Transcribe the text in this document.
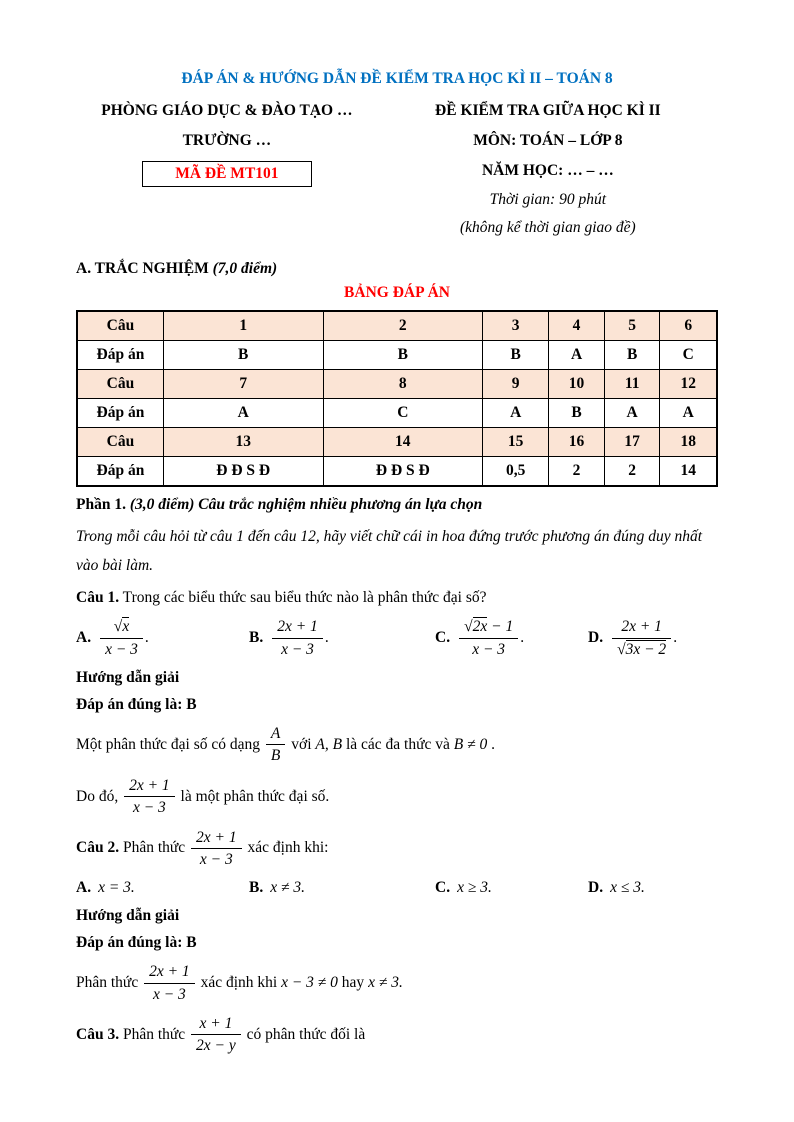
ĐÁP ÁN & HƯỚNG DẪN ĐỀ KIỂM TRA HỌC KÌ II – TOÁN 8
PHÒNG GIÁO DỤC & ĐÀO TẠO …
TRƯỜNG …
MÃ ĐỀ MT101
ĐỀ KIỂM TRA GIỮA HỌC KÌ II
MÔN: TOÁN – LỚP 8
NĂM HỌC: … – …
Thời gian: 90 phút
(không kể thời gian giao đề)
A. TRẮC NGHIỆM (7,0 điểm)
BẢNG ĐÁP ÁN
Câu	1	2	3	4	5	6
Đáp án	B	B	B	A	B	C
Câu	7	8	9	10	11	12
Đáp án	A	C	A	B	A	A
Câu	13	14	15	16	17	18
Đáp án	Đ Đ S Đ	Đ Đ S Đ	0,5	2	2	14
Phần 1. (3,0 điểm) Câu trắc nghiệm nhiều phương án lựa chọn
Trong mỗi câu hỏi từ câu 1 đến câu 12, hãy viết chữ cái in hoa đứng trước phương án đúng duy nhất vào bài làm.
Câu 1. Trong các biểu thức sau biểu thức nào là phân thức đại số?
A. $\frac{√x}{x - 3}$ .	B. $\frac{2x + 1}{x - 3}$ .	C. $\frac{√2x - 1}{x - 3}$ .	D. $\frac{2x + 1}{√3x - 2}$ .
Hướng dẫn giải
Đáp án đúng là: B
Một phân thức đại số có dạng $\frac{A}{B}$ với A, B là các đa thức và B ≠ 0 .
Do đó, $\frac{2x + 1}{x - 3}$ là một phân thức đại số.
Câu 2. Phân thức $\frac{2x + 1}{x - 3}$ xác định khi:
A. x = 3.	B. x ≠ 3.	C. x ≥ 3.	D. x ≤ 3.
Hướng dẫn giải
Đáp án đúng là: B
Phân thức $\frac{2x + 1}{x - 3}$ xác định khi x − 3 ≠ 0 hay x ≠ 3.
Câu 3. Phân thức $\frac{x + 1}{2x - y}$ có phân thức đối là
